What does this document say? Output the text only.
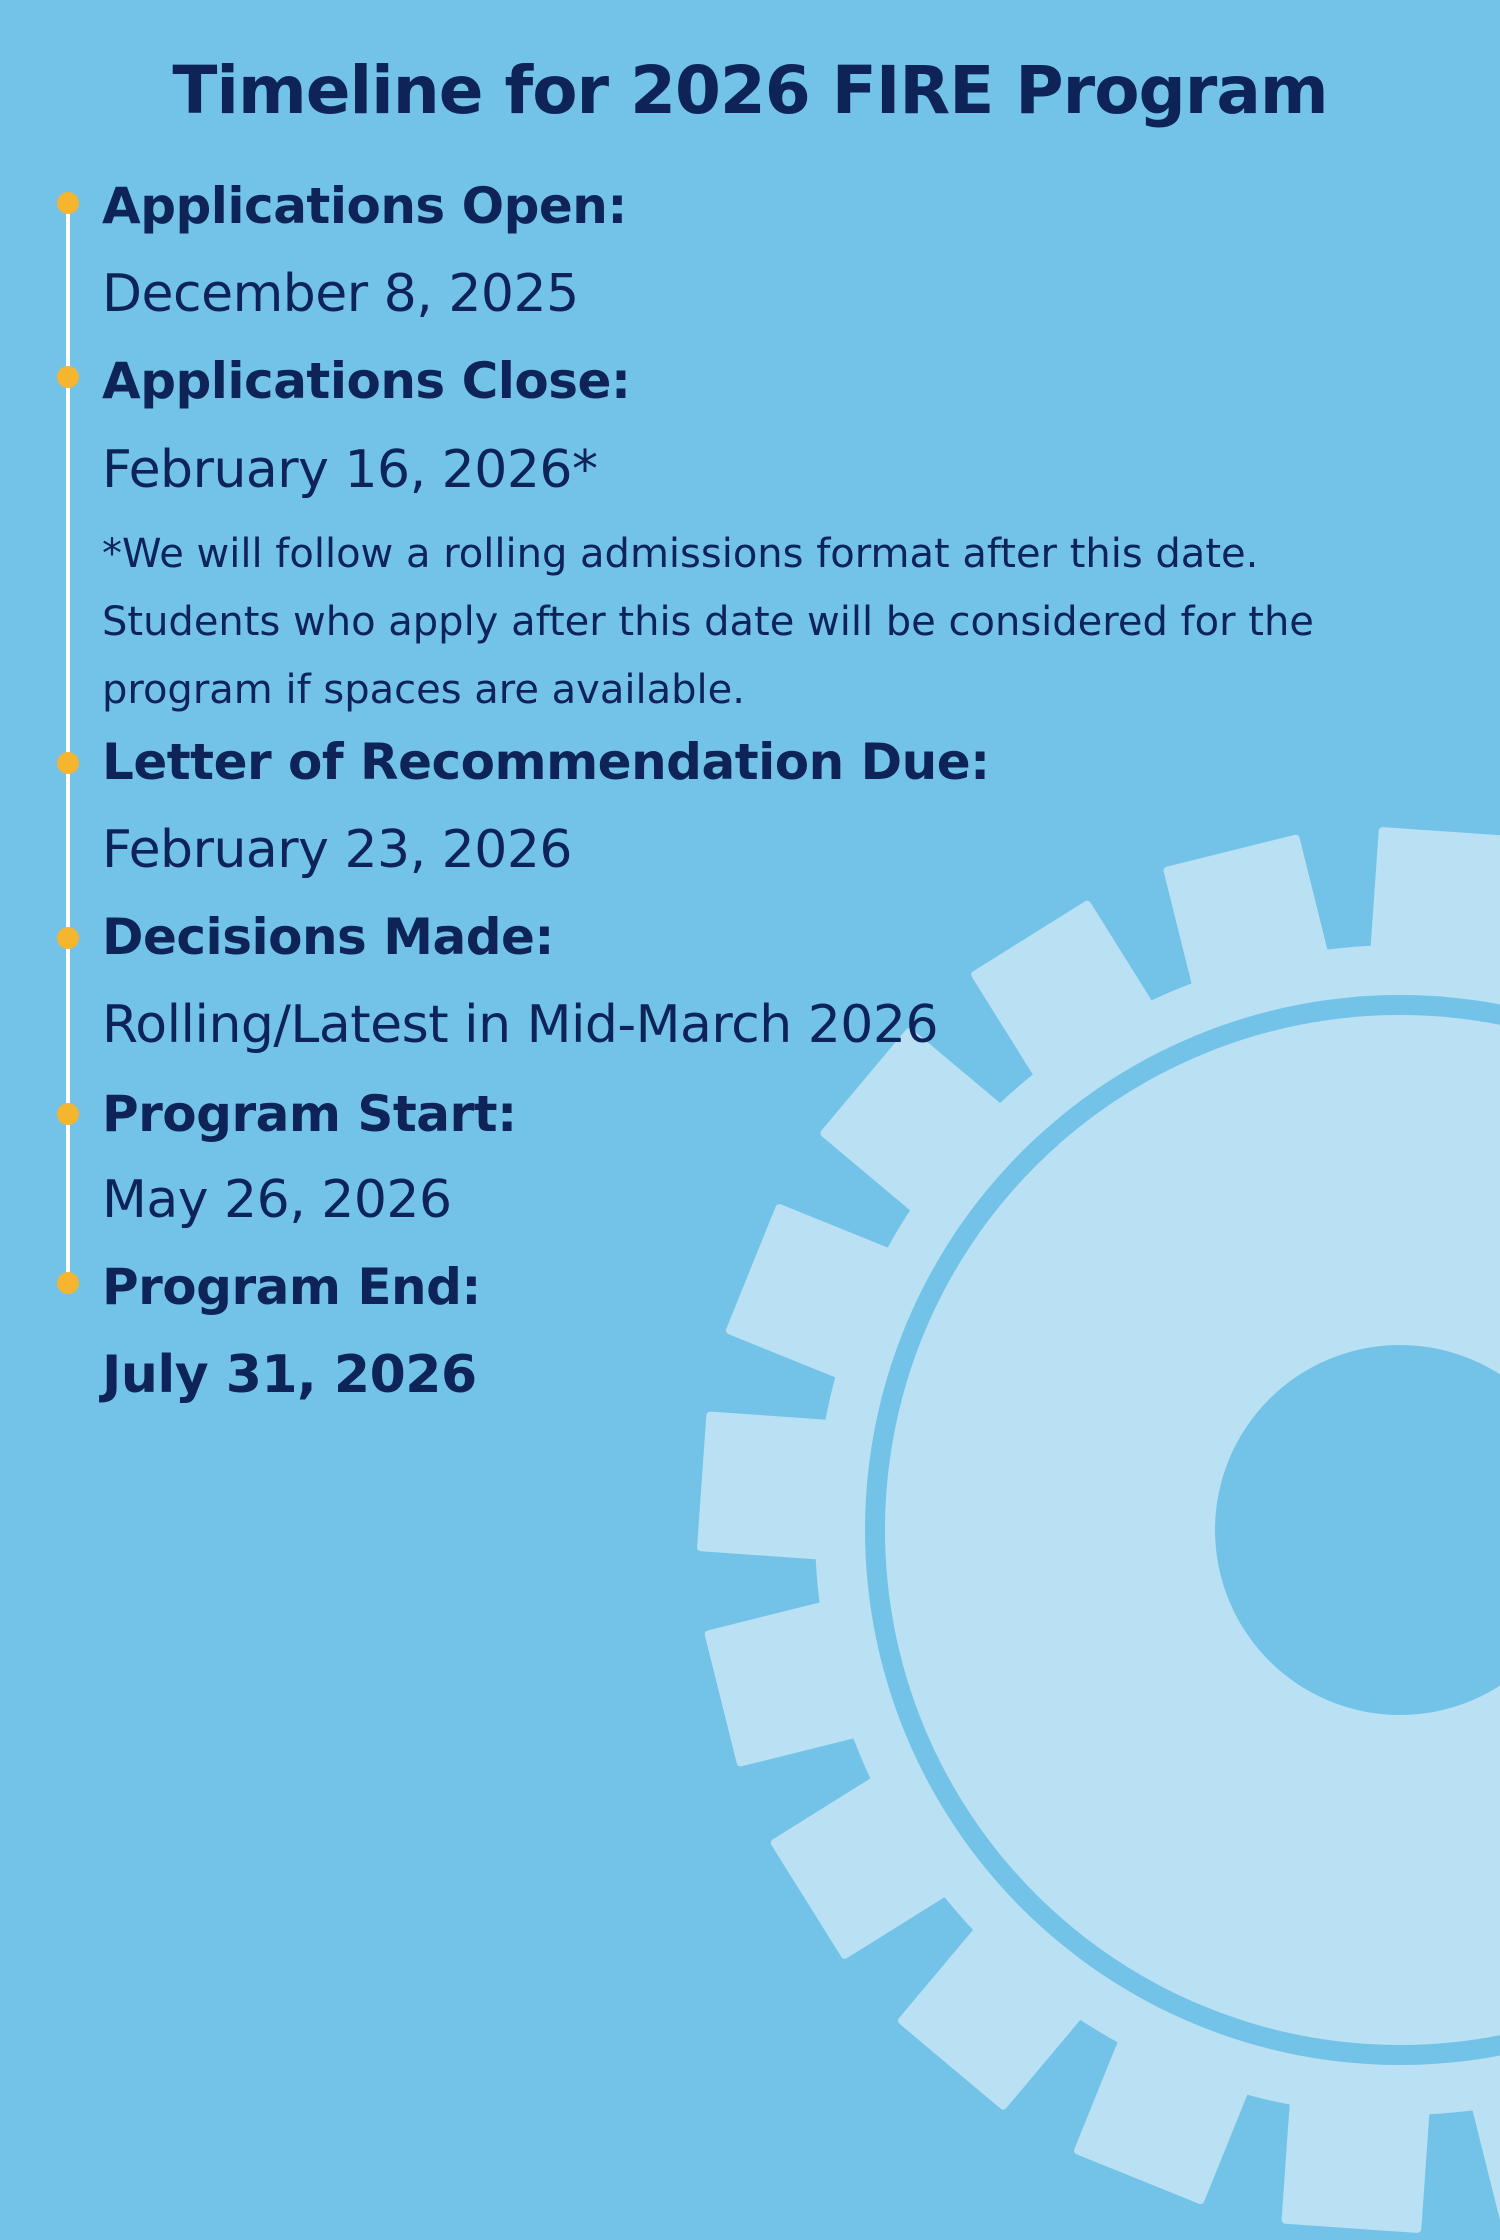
Timeline for 2026 FIRE Program
Applications Open:
December 8, 2025
Applications Close:
February 16, 2026*
*We will follow a rolling admissions format after this date. Students who apply after this date will be considered for the program if spaces are available.
Letter of Recommendation Due:
February 23, 2026
Decisions Made:
Rolling/Latest in Mid-March 2026
Program Start:
May 26, 2026
Program End:
July 31, 2026
